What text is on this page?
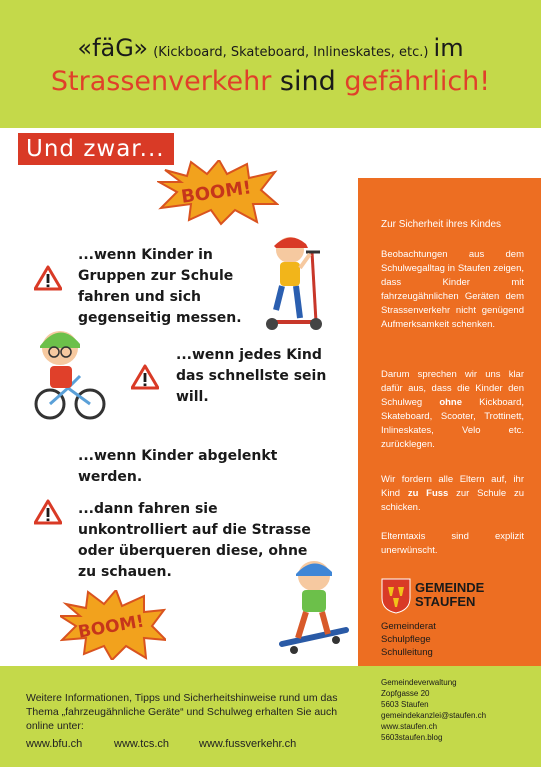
«fäG» (Kickboard, Skateboard, Inlineskates, etc.) im
Strassenverkehr sind gefährlich!
Und zwar...
BOOM!
...wenn Kinder in
Gruppen zur Schule
fahren und sich
gegenseitig messen.
...wenn jedes Kind
das schnellste sein
will.
...wenn Kinder abgelenkt
werden.
...dann fahren sie
unkontrolliert auf die Strasse
oder überqueren diese, ohne
zu schauen.
BOOM!
Zur Sicherheit ihres Kindes
Beobachtungen aus dem Schulwegalltag in Staufen zeigen, dass Kinder mit fahrzeugähnlichen Geräten dem Strassenverkehr nicht genügend Aufmerksamkeit schenken.
Darum sprechen wir uns klar dafür aus, dass die Kinder den Schulweg ohne Kickboard, Skateboard, Scooter, Trottinett, Inlineskates, Velo etc. zurücklegen.
Wir fordern alle Eltern auf, ihr Kind zu Fuss zur Schule zu schicken.
Elterntaxis sind explizit unerwünscht.
GEMEINDE
STAUFEN
Gemeinderat
Schulpflege
Schulleitung
Weitere Informationen, Tipps und Sicherheitshinweise rund um das
Thema „fahrzeugähnliche Geräte“ und Schulweg erhalten Sie auch
online unter:
www.bfu.ch	www.tcs.ch	www.fussverkehr.ch
Gemeindeverwaltung
Zopfgasse 20
5603 Staufen
gemeindekanzlei@staufen.ch
www.staufen.ch
5603staufen.blog
